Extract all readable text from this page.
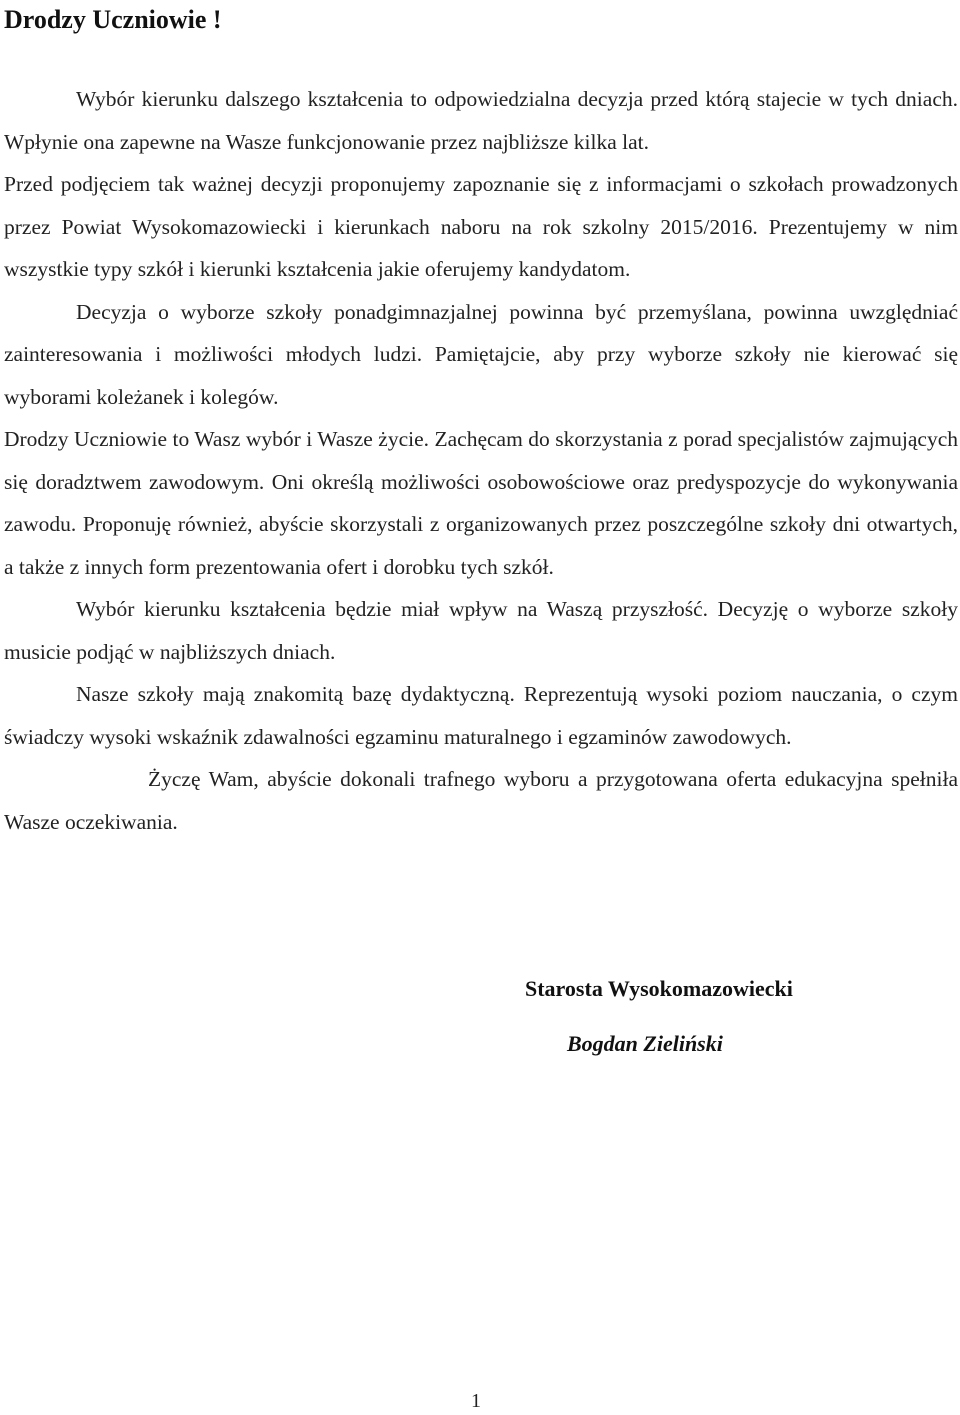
Drodzy Uczniowie !

Wybór kierunku dalszego kształcenia to odpowiedzialna decyzja przed którą stajecie w tych dniach. Wpłynie ona zapewne na Wasze funkcjonowanie przez najbliższe kilka lat.

Przed podjęciem tak ważnej decyzji proponujemy zapoznanie się z informacjami o szkołach prowadzonych przez Powiat Wysokomazowiecki i kierunkach naboru na rok szkolny 2015/2016. Prezentujemy w nim wszystkie typy szkół i kierunki kształcenia jakie oferujemy kandydatom.

Decyzja o wyborze szkoły ponadgimnazjalnej powinna być przemyślana, powinna uwzględniać zainteresowania i możliwości młodych ludzi. Pamiętajcie, aby przy wyborze szkoły nie kierować się wyborami koleżanek i kolegów.

Drodzy Uczniowie to Wasz wybór i Wasze życie. Zachęcam do skorzystania z porad specjalistów zajmujących się doradztwem zawodowym. Oni określą możliwości osobowościowe oraz predyspozycje do wykonywania zawodu. Proponuję również, abyście skorzystali z organizowanych przez poszczególne szkoły dni otwartych, a także z innych form prezentowania ofert i dorobku tych szkół.

Wybór kierunku kształcenia będzie miał wpływ na Waszą przyszłość. Decyzję o wyborze szkoły musicie podjąć w najbliższych dniach.

Nasze szkoły mają znakomitą bazę dydaktyczną. Reprezentują wysoki poziom nauczania, o czym świadczy wysoki wskaźnik zdawalności egzaminu maturalnego i egzaminów zawodowych.

Życzę Wam, abyście dokonali trafnego wyboru a przygotowana oferta edukacyjna spełniła Wasze oczekiwania.

Starosta Wysokomazowiecki
Bogdan Zieliński
1
